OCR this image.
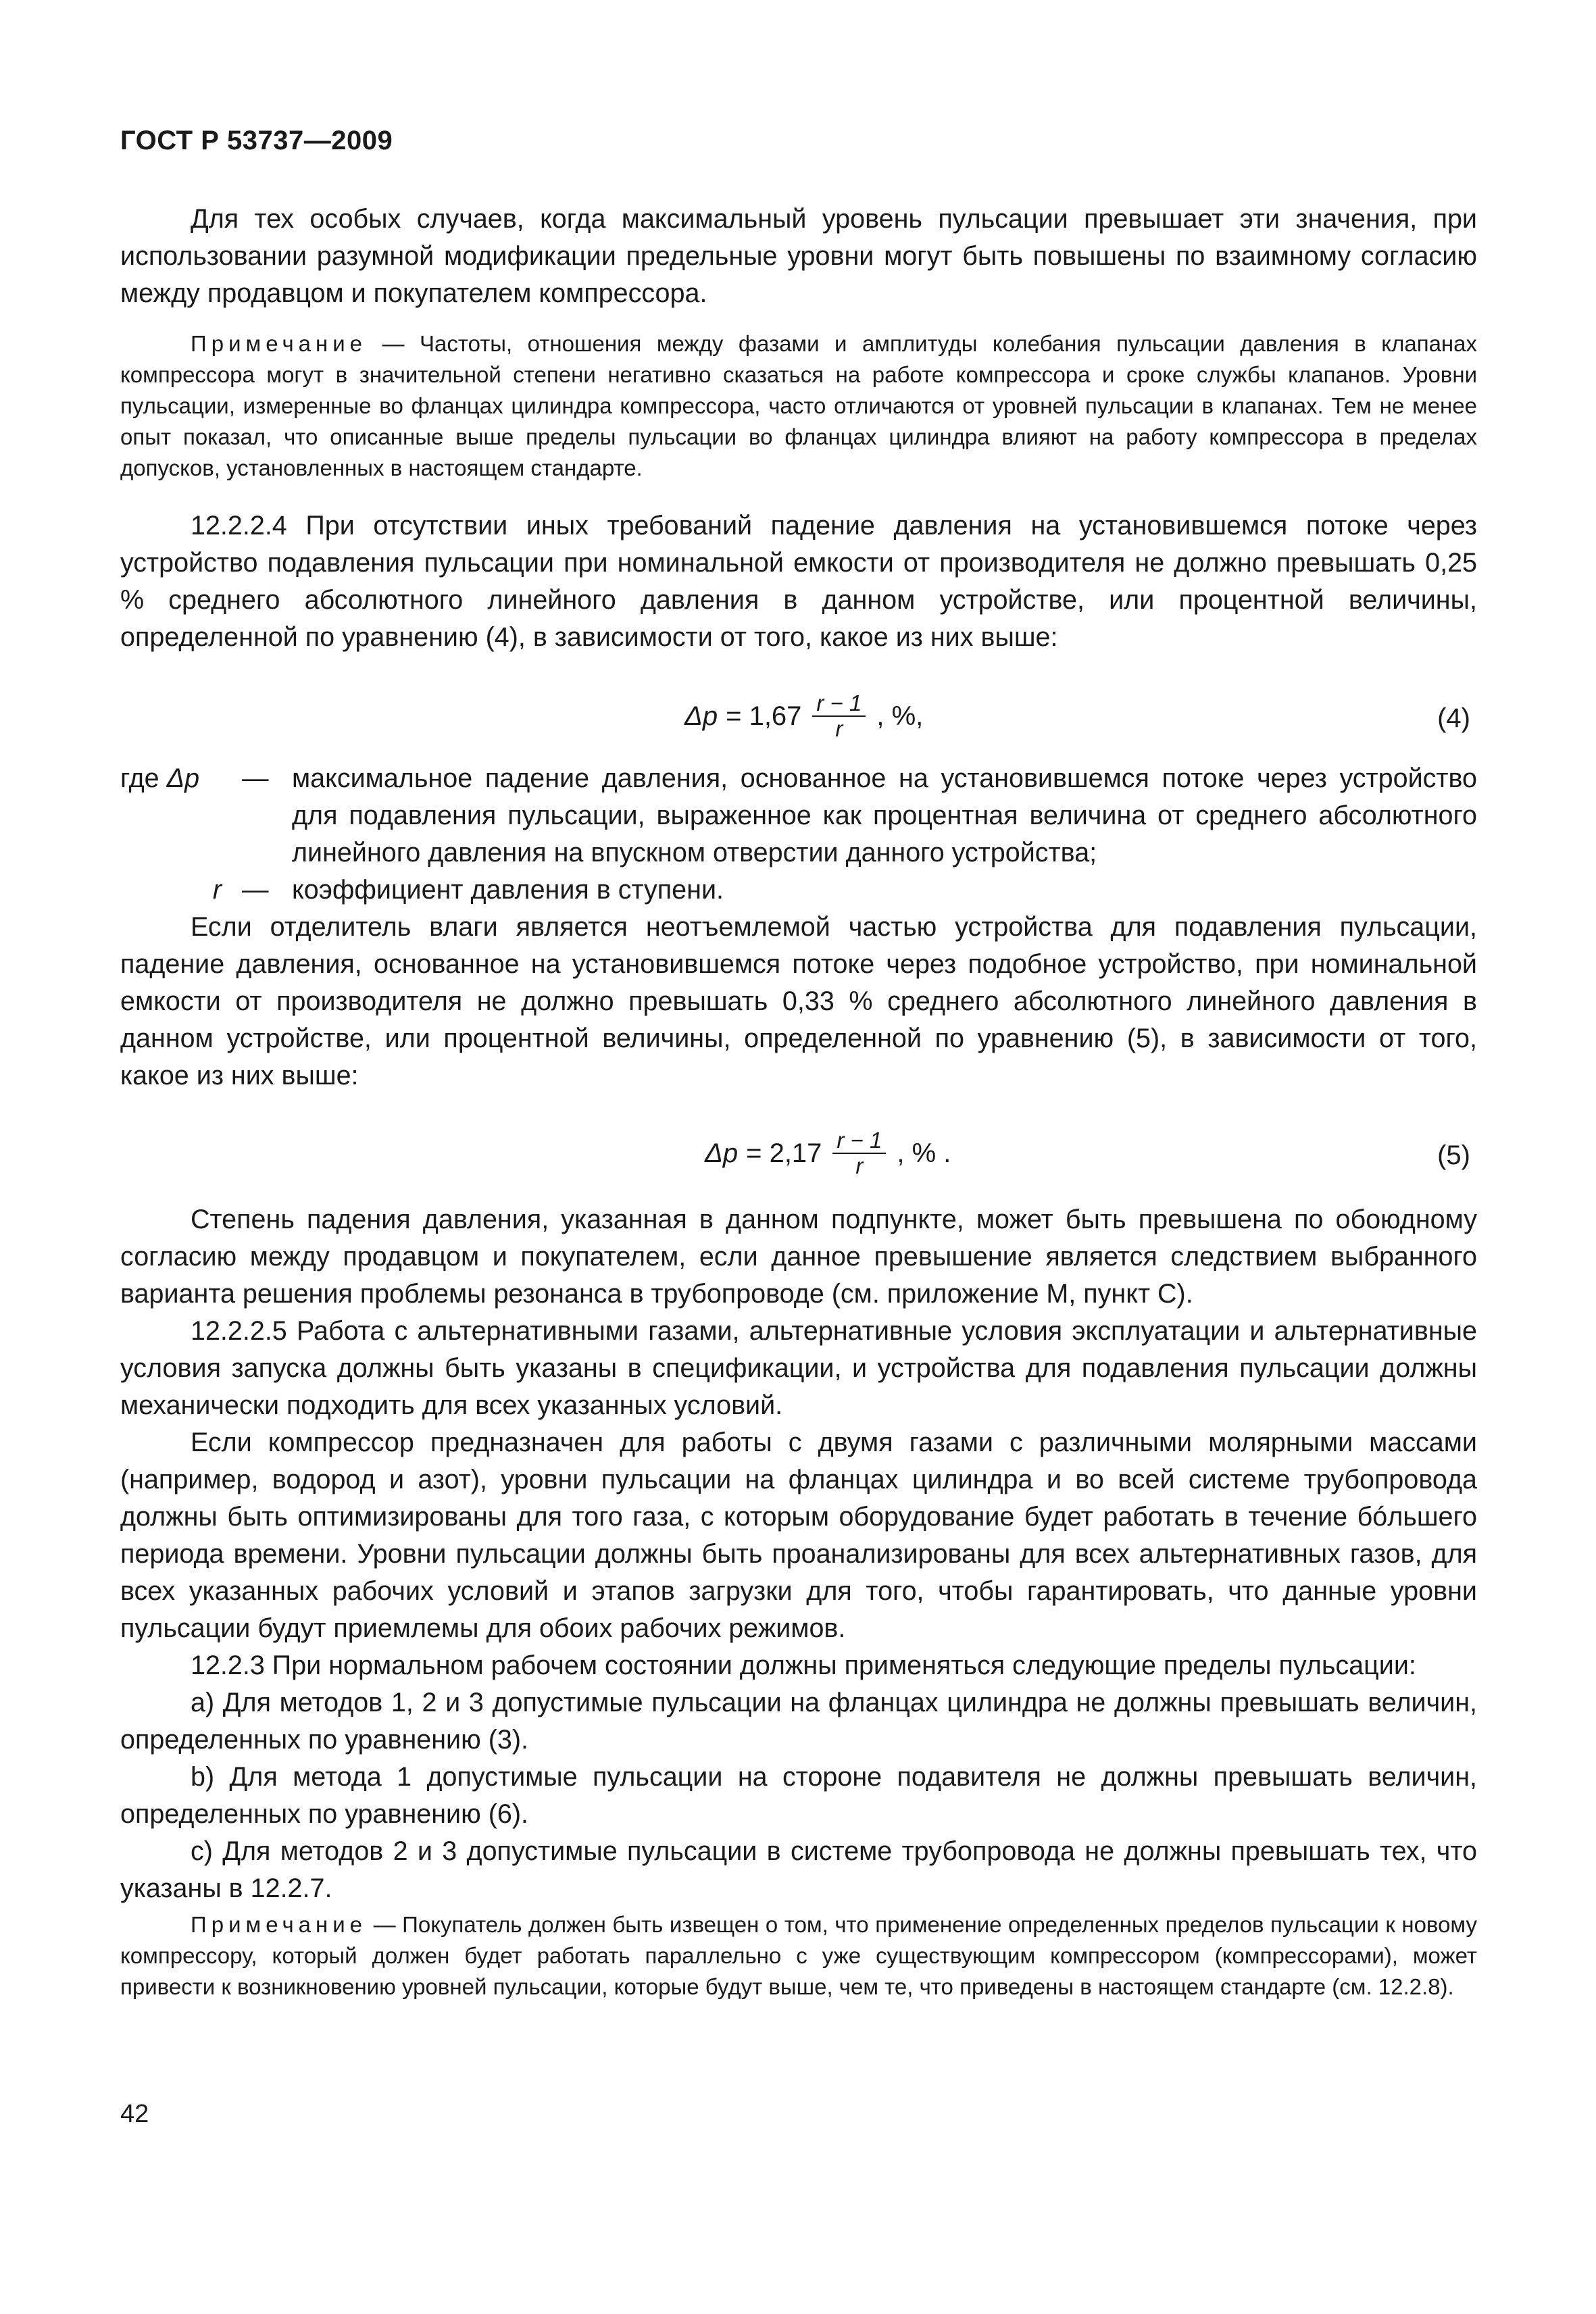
ГОСТ Р 53737—2009

Для тех особых случаев, когда максимальный уровень пульсации превышает эти значения, при использовании разумной модификации предельные уровни могут быть повышены по взаимному согласию между продавцом и покупателем компрессора.

Примечание — Частоты, отношения между фазами и амплитуды колебания пульсации давления в клапанах компрессора могут в значительной степени негативно сказаться на работе компрессора и сроке службы клапанов. Уровни пульсации, измеренные во фланцах цилиндра компрессора, часто отличаются от уровней пульсации в клапанах. Тем не менее опыт показал, что описанные выше пределы пульсации во фланцах цилиндра влияют на работу компрессора в пределах допусков, установленных в настоящем стандарте.

12.2.2.4 При отсутствии иных требований падение давления на установившемся потоке через устройство подавления пульсации при номинальной емкости от производителя не должно превышать 0,25 % среднего абсолютного линейного давления в данном устройстве, или процентной величины, определенной по уравнению (4), в зависимости от того, какое из них выше:

$\Delta p = 1,67 \frac{r - 1}{r}$ , %,	(4)
где Δp	— максимальное падение давления, основанное на установившемся потоке через устройство для подавления пульсации, выраженное как процентная величина от среднего абсолютного линейного давления на впускном отверстии данного устройства;
r — коэффициент давления в ступени.

Если отделитель влаги является неотъемлемой частью устройства для подавления пульсации, падение давления, основанное на установившемся потоке через подобное устройство, при номинальной емкости от производителя не должно превышать 0,33 % среднего абсолютного линейного давления в данном устройстве, или процентной величины, определенной по уравнению (5), в зависимости от того, какое из них выше:

$\Delta p = 2,17 \frac{r - 1}{r}$ , % .	(5)

Степень падения давления, указанная в данном подпункте, может быть превышена по обоюдному согласию между продавцом и покупателем, если данное превышение является следствием выбранного варианта решения проблемы резонанса в трубопроводе (см. приложение М, пункт С).

12.2.2.5 Работа с альтернативными газами, альтернативные условия эксплуатации и альтернативные условия запуска должны быть указаны в спецификации, и устройства для подавления пульсации должны механически подходить для всех указанных условий.

Если компрессор предназначен для работы с двумя газами с различными молярными массами (например, водород и азот), уровни пульсации на фланцах цилиндра и во всей системе трубопровода должны быть оптимизированы для того газа, с которым оборудование будет работать в течение бóльшего периода времени. Уровни пульсации должны быть проанализированы для всех альтернативных газов, для всех указанных рабочих условий и этапов загрузки для того, чтобы гарантировать, что данные уровни пульсации будут приемлемы для обоих рабочих режимов.

12.2.3 При нормальном рабочем состоянии должны применяться следующие пределы пульсации:

a) Для методов 1, 2 и 3 допустимые пульсации на фланцах цилиндра не должны превышать величин, определенных по уравнению (3).

b) Для метода 1 допустимые пульсации на стороне подавителя не должны превышать величин, определенных по уравнению (6).

c) Для методов 2 и 3 допустимые пульсации в системе трубопровода не должны превышать тех, что указаны в 12.2.7.

Примечание — Покупатель должен быть извещен о том, что применение определенных пределов пульсации к новому компрессору, который должен будет работать параллельно с уже существующим компрессором (компрессорами), может привести к возникновению уровней пульсации, которые будут выше, чем те, что приведены в настоящем стандарте (см. 12.2.8).

42
